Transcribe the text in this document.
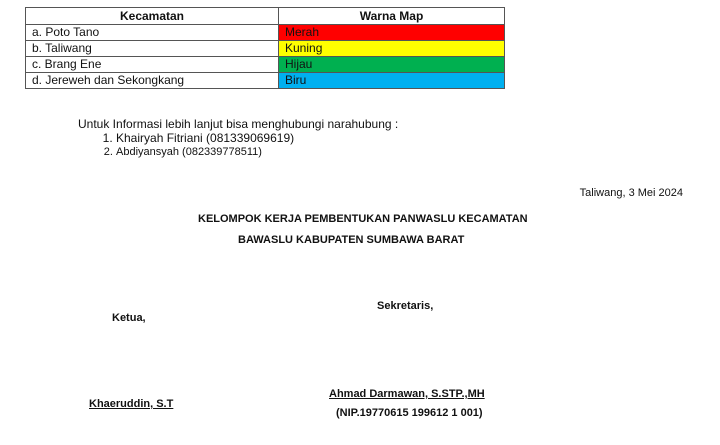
Kecamatan	Warna Map
a. Poto Tano	Merah
b. Taliwang	Kuning
c. Brang Ene	Hijau
d. Jereweh dan Sekongkang	Biru
Untuk Informasi lebih lanjut bisa menghubungi narahubung :
1. Khairyah Fitriani (081339069619)
2. Abdiyansyah (082339778511)
Taliwang, 3 Mei 2024
KELOMPOK KERJA PEMBENTUKAN PANWASLU KECAMATAN
BAWASLU KABUPATEN SUMBAWA BARAT
Sekretaris,
Ketua,
Ahmad Darmawan, S.STP.,MH
Khaeruddin, S.T
(NIP.19770615 199612 1 001)
